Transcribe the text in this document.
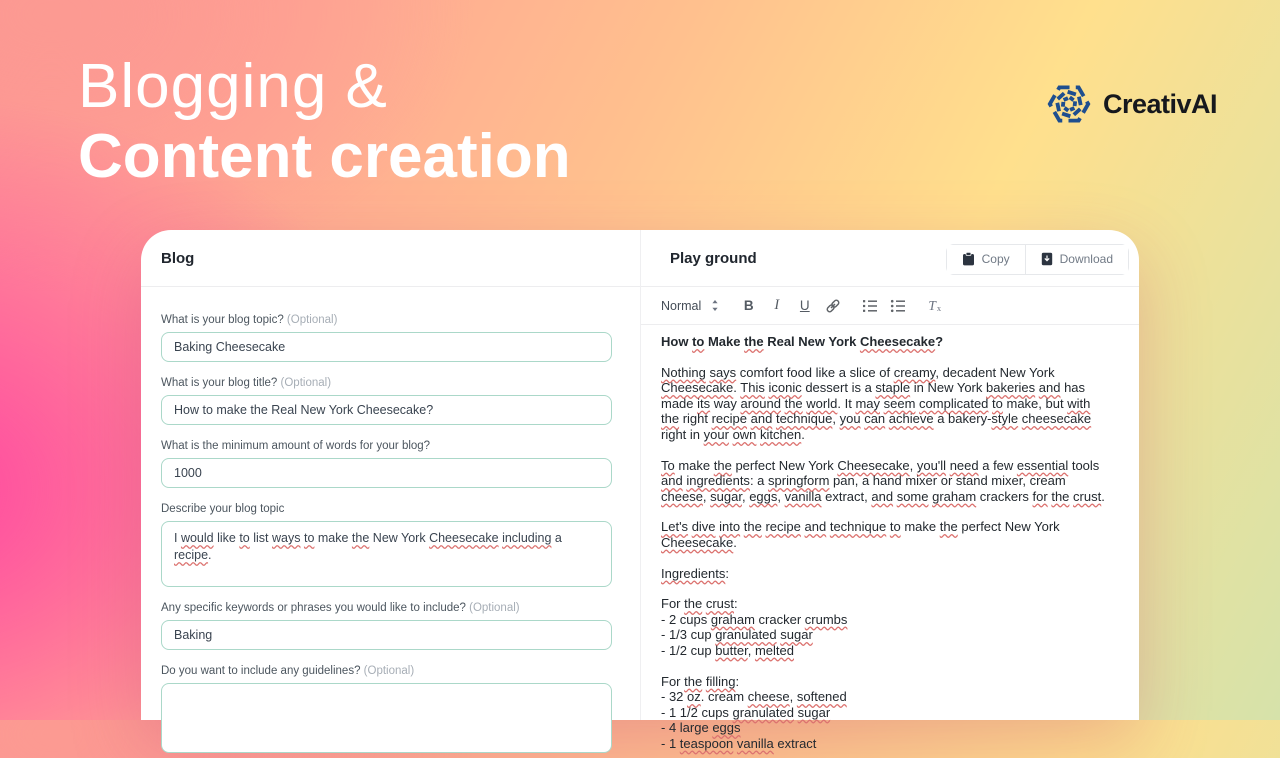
Blogging &
Content creation
CreativAI
Blog
What is your blog topic? (Optional)
Baking Cheesecake
What is your blog title? (Optional)
How to make the Real New York Cheesecake?
What is the minimum amount of words for your blog?
1000
Describe your blog topic
I would like to list ways to make the New York Cheesecake including a recipe.
Any specific keywords or phrases you would like to include? (Optional)
Baking
Do you want to include any guidelines? (Optional)
Play ground	Copy	Download
Normal	B	I	U	T x
How to Make the Real New York Cheesecake?
Nothing says comfort food like a slice of creamy, decadent New York Cheesecake. This iconic dessert is a staple in New York bakeries and has made its way around the world. It may seem complicated to make, but with the right recipe and technique, you can achieve a bakery-style cheesecake right in your own kitchen.
To make the perfect New York Cheesecake, you'll need a few essential tools and ingredients: a springform pan, a hand mixer or stand mixer, cream cheese, sugar, eggs, vanilla extract, and some graham crackers for the crust.
Let's dive into the recipe and technique to make the perfect New York Cheesecake.
Ingredients:
For the crust:
- 2 cups graham cracker crumbs
- 1/3 cup granulated sugar
- 1/2 cup butter, melted
For the filling:
- 32 oz. cream cheese, softened
- 1 1/2 cups granulated sugar
- 4 large eggs
- 1 teaspoon vanilla extract
